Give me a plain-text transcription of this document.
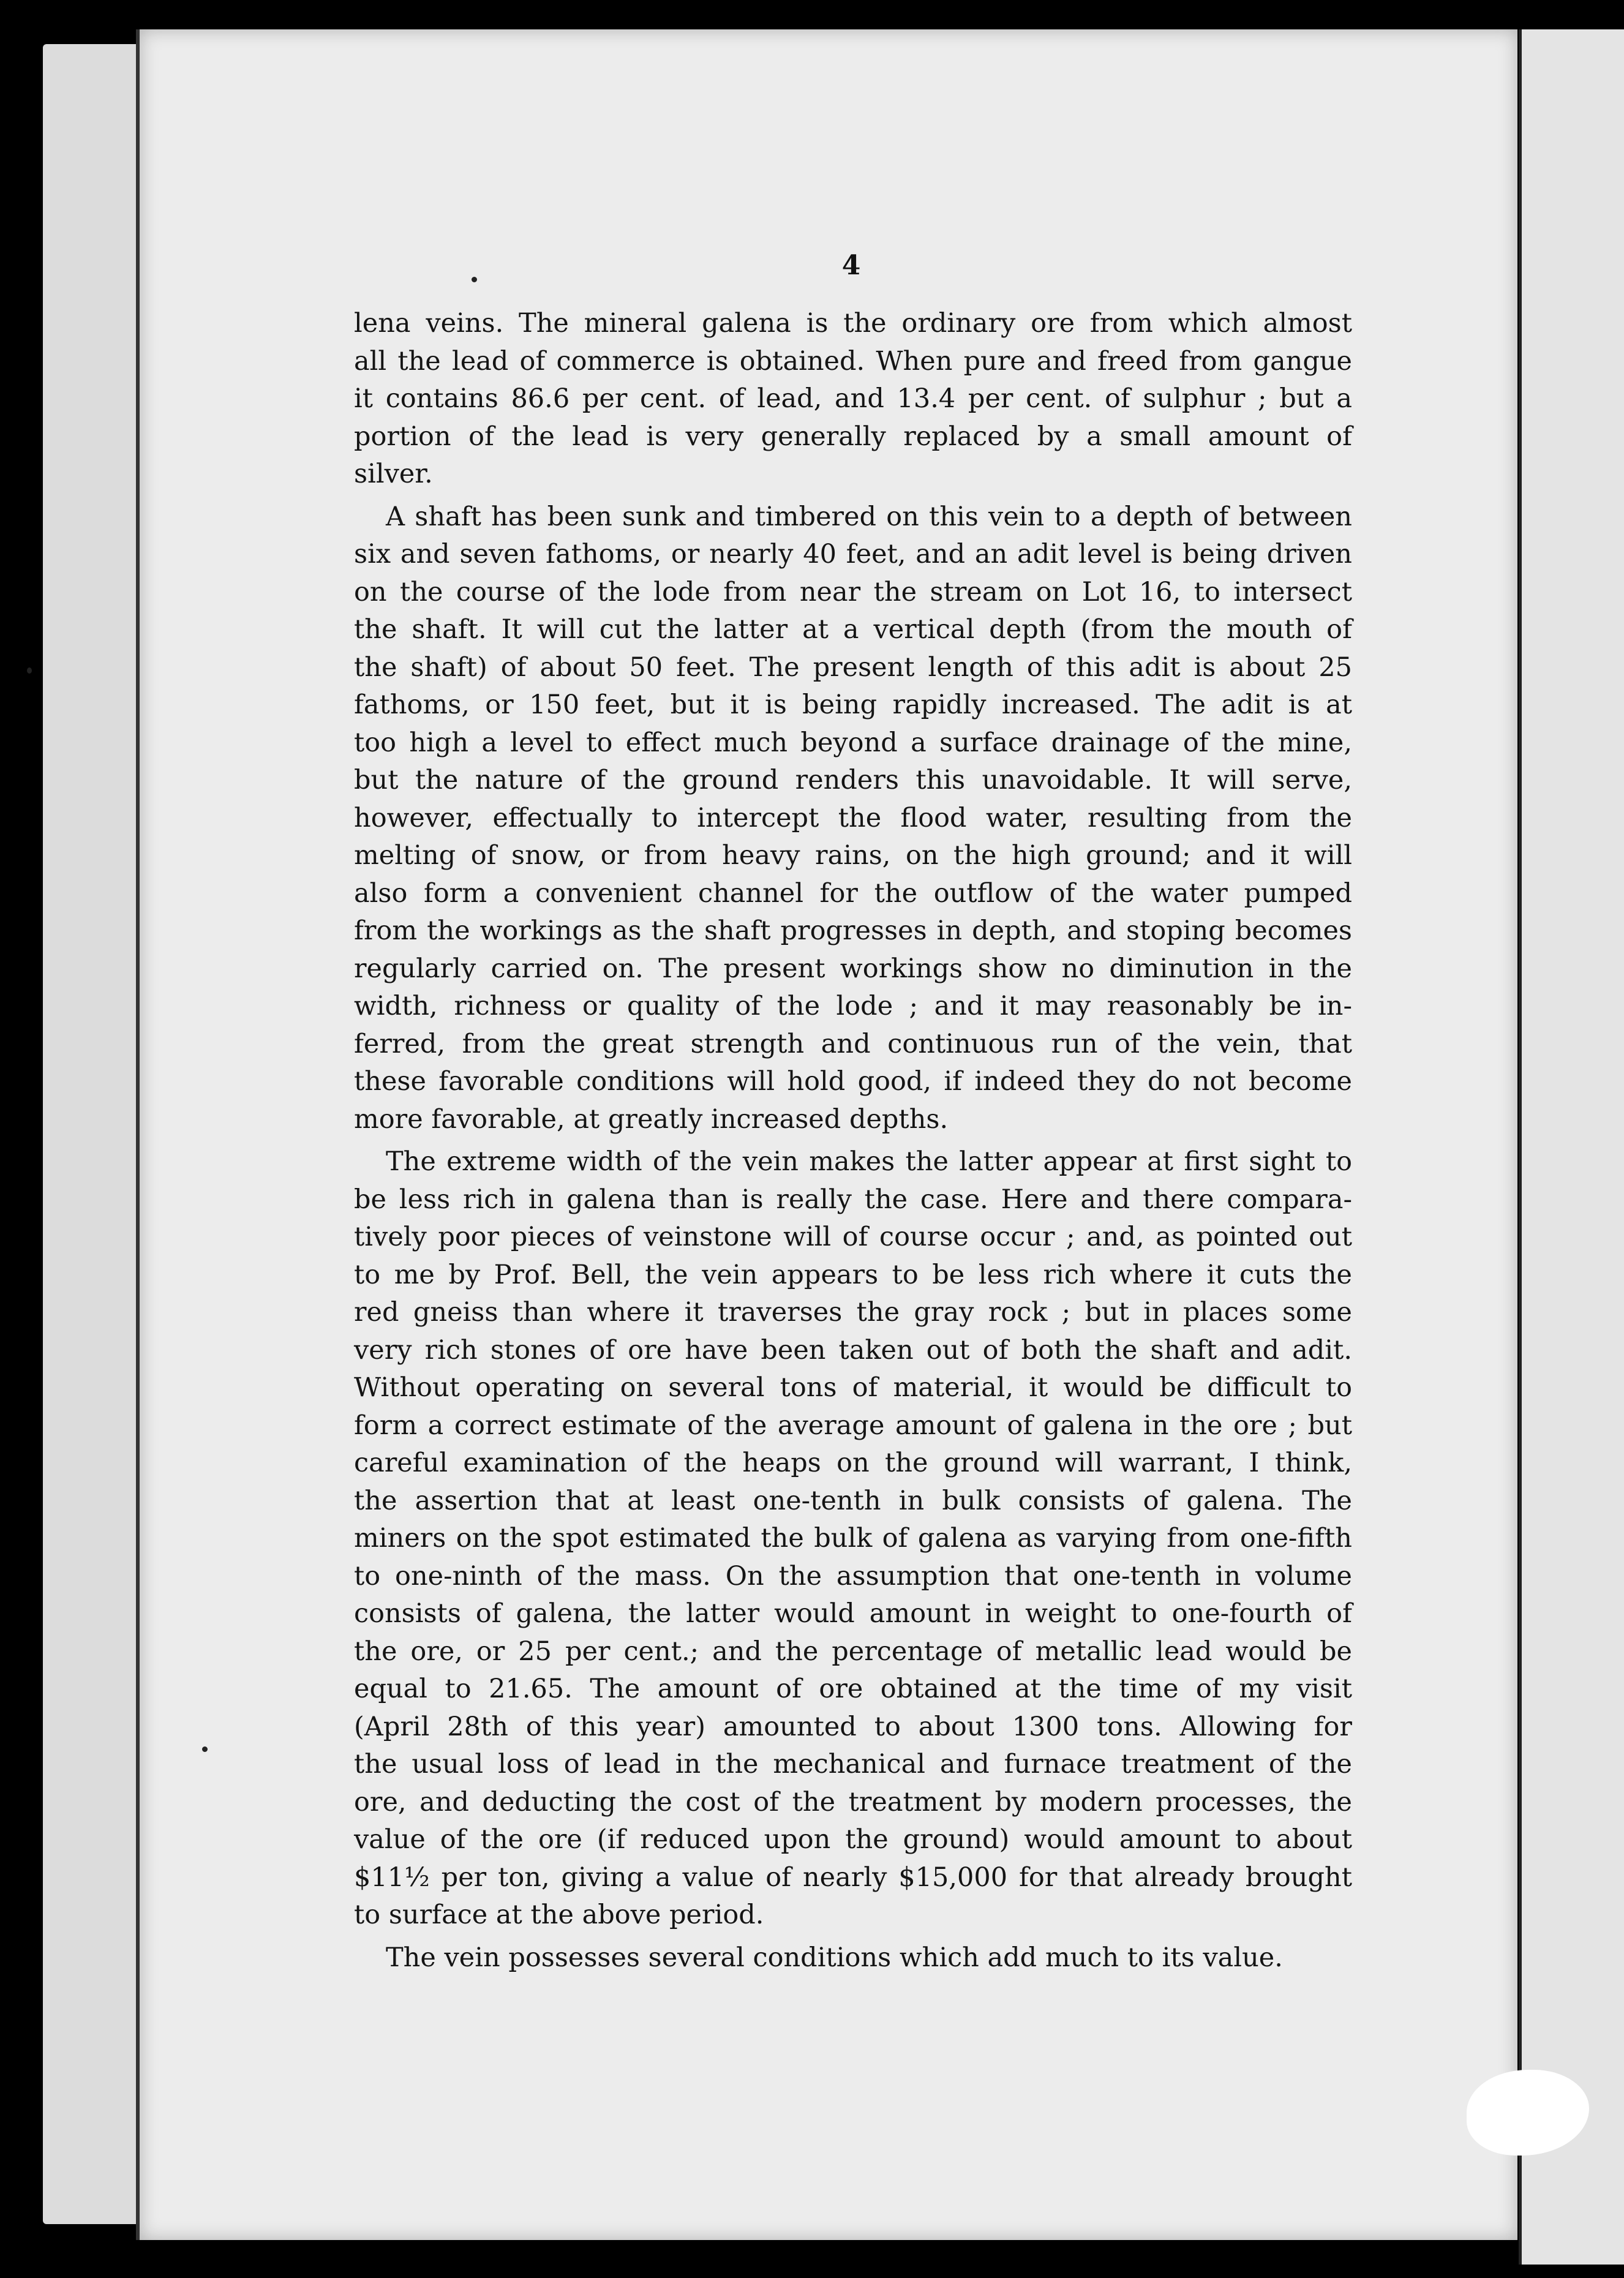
4
lena veins. The mineral galena is the ordinary ore from which almost
all the lead of commerce is obtained. When pure and freed from gangue
it contains 86.6 per cent. of lead, and 13.4 per cent. of sulphur ; but a
portion of the lead is very generally replaced by a small amount of
silver.
A shaft has been sunk and timbered on this vein to a depth of between
six and seven fathoms, or nearly 40 feet, and an adit level is being driven
on the course of the lode from near the stream on Lot 16, to intersect
the shaft. It will cut the latter at a vertical depth (from the mouth of
the shaft) of about 50 feet. The present length of this adit is about 25
fathoms, or 150 feet, but it is being rapidly increased. The adit is at
too high a level to effect much beyond a surface drainage of the mine,
but the nature of the ground renders this unavoidable. It will serve,
however, effectually to intercept the flood water, resulting from the
melting of snow, or from heavy rains, on the high ground; and it will
also form a convenient channel for the outflow of the water pumped
from the workings as the shaft progresses in depth, and stoping becomes
regularly carried on. The present workings show no diminution in the
width, richness or quality of the lode ; and it may reasonably be in-
ferred, from the great strength and continuous run of the vein, that
these favorable conditions will hold good, if indeed they do not become
more favorable, at greatly increased depths.
The extreme width of the vein makes the latter appear at first sight to
be less rich in galena than is really the case. Here and there compara-
tively poor pieces of veinstone will of course occur ; and, as pointed out
to me by Prof. Bell, the vein appears to be less rich where it cuts the
red gneiss than where it traverses the gray rock ; but in places some
very rich stones of ore have been taken out of both the shaft and adit.
Without operating on several tons of material, it would be difficult to
form a correct estimate of the average amount of galena in the ore ; but
careful examination of the heaps on the ground will warrant, I think,
the assertion that at least one-tenth in bulk consists of galena. The
miners on the spot estimated the bulk of galena as varying from one-fifth
to one-ninth of the mass. On the assumption that one-tenth in volume
consists of galena, the latter would amount in weight to one-fourth of
the ore, or 25 per cent.; and the percentage of metallic lead would be
equal to 21.65. The amount of ore obtained at the time of my visit
(April 28th of this year) amounted to about 1300 tons. Allowing for
the usual loss of lead in the mechanical and furnace treatment of the
ore, and deducting the cost of the treatment by modern processes, the
value of the ore (if reduced upon the ground) would amount to about
$11½ per ton, giving a value of nearly $15,000 for that already brought
to surface at the above period.
The vein possesses several conditions which add much to its value.
